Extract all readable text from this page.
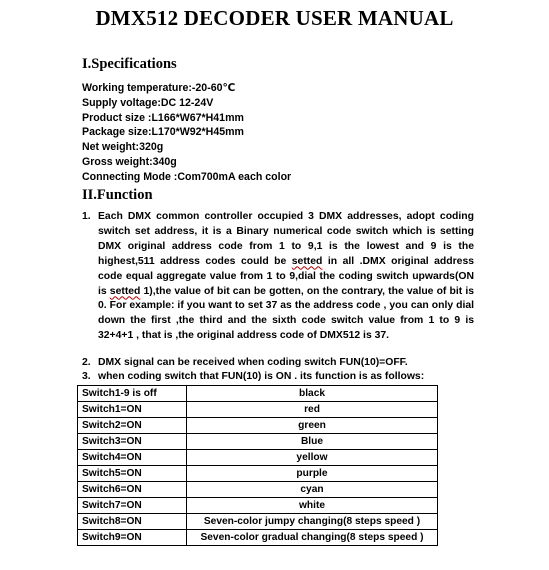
DMX512 DECODER USER MANUAL
I.Specifications
Working temperature:-20-60℃
Supply voltage:DC 12-24V
Product size :L166*W67*H41mm
Package size:L170*W92*H45mm
Net weight:320g
Gross weight:340g
Connecting Mode :Com700mA each color
II.Function
1. Each DMX common controller occupied 3 DMX addresses, adopt coding switch set address, it is a Binary numerical code switch which is setting DMX original address code from 1 to 9,1 is the lowest and 9 is the highest,511 address codes could be setted in all .DMX original address code equal aggregate value from 1 to 9,dial the coding switch upwards(ON is setted 1),the value of bit can be gotten, on the contrary, the value of bit is 0. For example: if you want to set 37 as the address code , you can only dial down the first ,the third and the sixth code switch value from 1 to 9 is 32+4+1 , that is ,the original address code of DMX512 is 37.
2. DMX signal can be received when coding switch FUN(10)=OFF.
3. when coding switch that FUN(10) is ON . its function is as follows:
Switch1-9 is off	black
Switch1=ON	red
Switch2=ON	green
Switch3=ON	Blue
Switch4=ON	yellow
Switch5=ON	purple
Switch6=ON	cyan
Switch7=ON	white
Switch8=ON	Seven-color jumpy changing(8 steps speed )
Switch9=ON	Seven-color gradual changing(8 steps speed )
